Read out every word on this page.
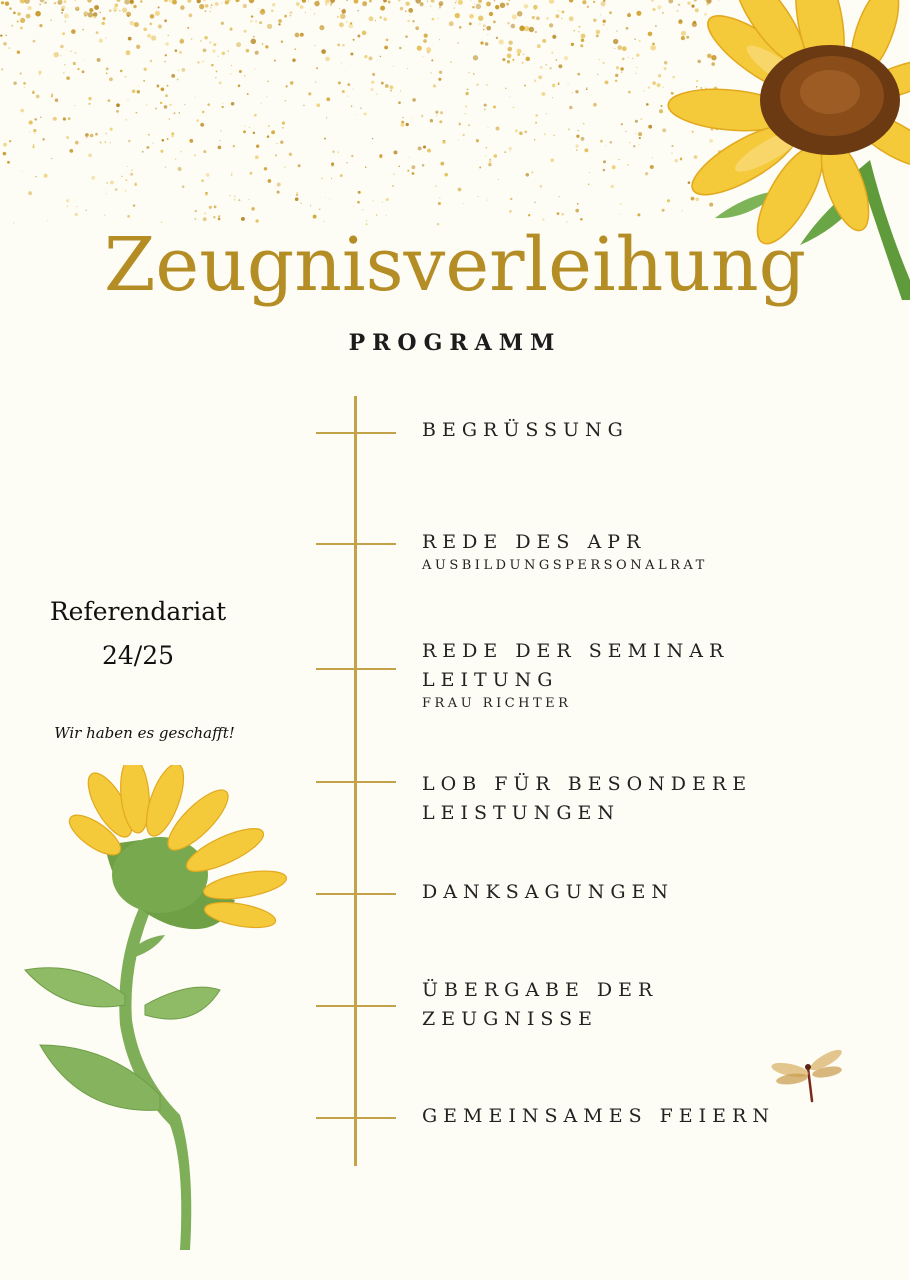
Zeugnisverleihung
PROGRAMM
BEGRÜSSUNG
REDE DES APR
AUSBILDUNGSPERSONALRAT
REDE DER SEMINAR
LEITUNG
FRAU RICHTER
LOB FÜR BESONDERE
LEISTUNGEN
DANKSAGUNGEN
ÜBERGABE DER
ZEUGNISSE
GEMEINSAMES FEIERN
Referendariat
24/25
Wir haben es geschafft!
